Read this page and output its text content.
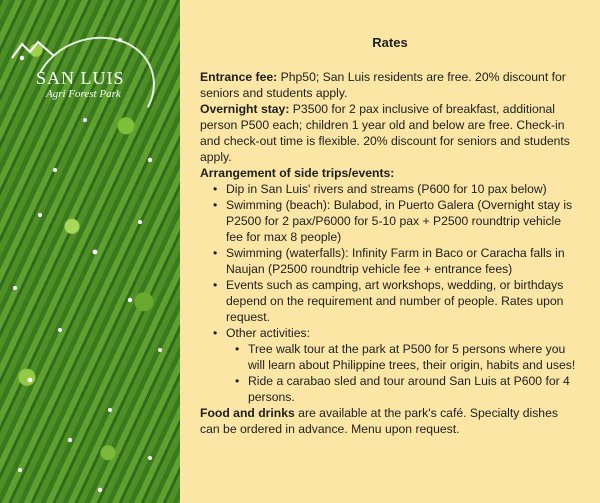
SAN LUIS
Agri Forest Park
Rates

Entrance fee: Php50; San Luis residents are free. 20% discount for seniors and students apply.

Overnight stay: P3500 for 2 pax inclusive of breakfast, additional person P500 each; children 1 year old and below are free. Check-in and check-out time is flexible. 20% discount for seniors and students apply.

Arrangement of side trips/events:

• Dip in San Luis' rivers and streams (P600 for 10 pax below)
• Swimming (beach): Bulabod, in Puerto Galera (Overnight stay is P2500 for 2 pax/P6000 for 5-10 pax + P2500 roundtrip vehicle fee for max 8 people)
• Swimming (waterfalls): Infinity Farm in Baco or Caracha falls in Naujan (P2500 roundtrip vehicle fee + entrance fees)
• Events such as camping, art workshops, wedding, or birthdays depend on the requirement and number of people. Rates upon request.
• Other activities:
• Tree walk tour at the park at P500 for 5 persons where you will learn about Philippine trees, their origin, habits and uses!
• Ride a carabao sled and tour around San Luis at P600 for 4 persons.

Food and drinks are available at the park's café. Specialty dishes can be ordered in advance. Menu upon request.
